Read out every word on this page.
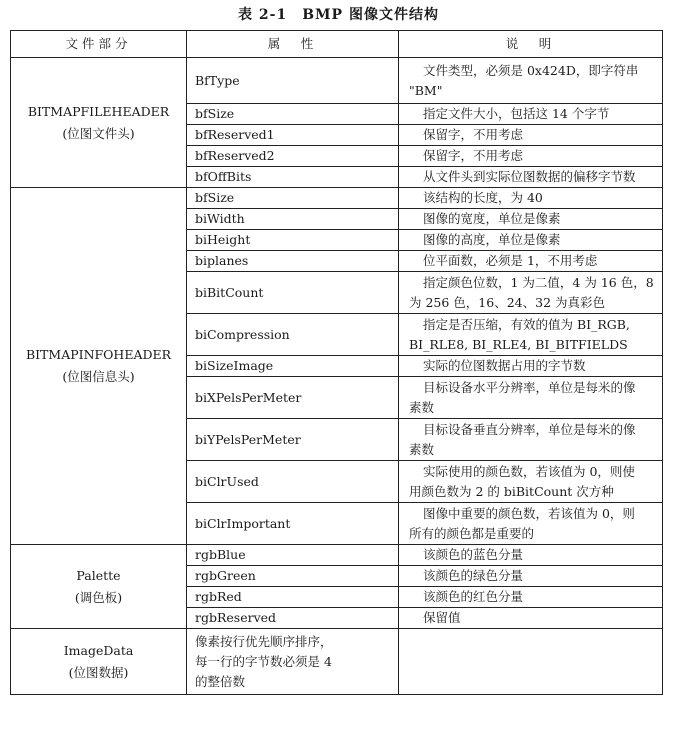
表 2-1　BMP 图像文件结构
文件部分	属　性	说　明

BITMAPFILEHEADER
(位图文件头)	BfType	文件类型，必须是 0x424D，即字符串
"BM"

	bfSize	指定文件大小，包括这 14 个字节

	bfReserved1	保留字，不用考虑

	bfReserved2	保留字，不用考虑

	bfOffBits	从文件头到实际位图数据的偏移字节数

BITMAPINFOHEADER
(位图信息头)	bfSize	该结构的长度，为 40

	biWidth	图像的宽度，单位是像素

	biHeight	图像的高度，单位是像素

	biplanes	位平面数，必须是 1，不用考虑

	biBitCount	指定颜色位数，1 为二值，4 为 16 色，8
为 256 色，16、24、32 为真彩色

	biCompression	指定是否压缩，有效的值为 BI_RGB,
BI_RLE8, BI_RLE4, BI_BITFIELDS

	biSizeImage	实际的位图数据占用的字节数

	biXPelsPerMeter	目标设备水平分辨率，单位是每米的像
素数

	biYPelsPerMeter	目标设备垂直分辨率，单位是每米的像
素数

	biClrUsed	实际使用的颜色数，若该值为 0，则使
用颜色数为 2 的 biBitCount 次方种

	biClrImportant	图像中重要的颜色数，若该值为 0，则
所有的颜色都是重要的

Palette
(调色板)	rgbBlue	该颜色的蓝色分量

	rgbGreen	该颜色的绿色分量

	rgbRed	该颜色的红色分量

	rgbReserved	保留值

ImageData
(位图数据)	像素按行优先顺序排序，
每一行的字节数必须是 4
的整倍数	
